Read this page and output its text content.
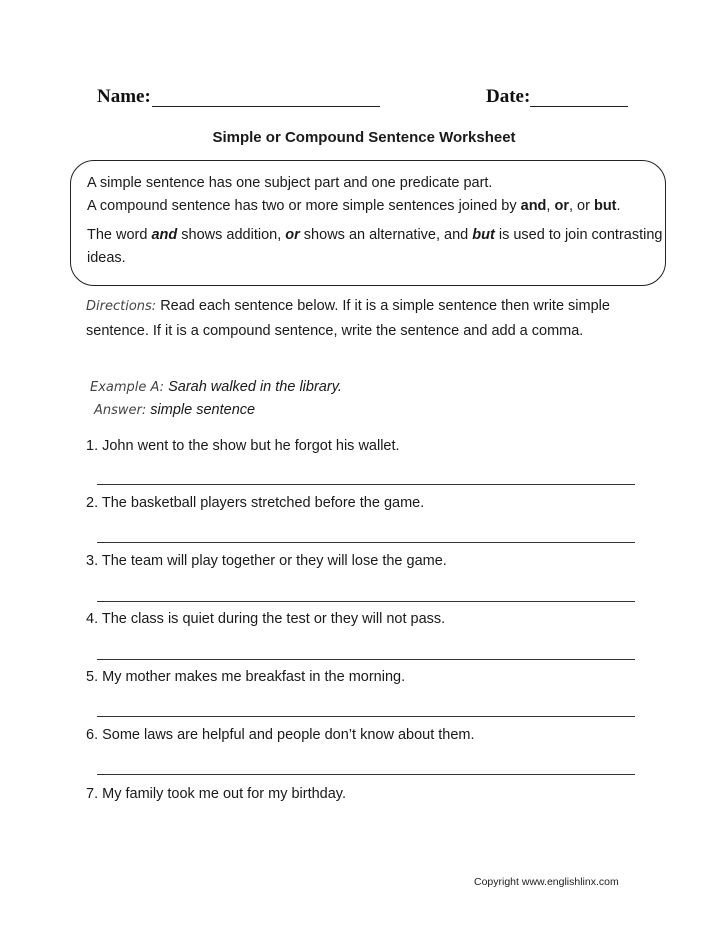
Name:	Date:
Simple or Compound Sentence Worksheet
A simple sentence has one subject part and one predicate part.
A compound sentence has two or more simple sentences joined by and, or, or but.
The word and shows addition, or shows an alternative, and but is used to join contrasting ideas.
Directions: Read each sentence below. If it is a simple sentence then write simple sentence. If it is a compound sentence, write the sentence and add a comma.
Example A: Sarah walked in the library.
Answer: simple sentence
1. John went to the show but he forgot his wallet.
2. The basketball players stretched before the game.
3. The team will play together or they will lose the game.
4. The class is quiet during the test or they will not pass.
5. My mother makes me breakfast in the morning.
6. Some laws are helpful and people don’t know about them.
7. My family took me out for my birthday.
Copyright www.englishlinx.com
